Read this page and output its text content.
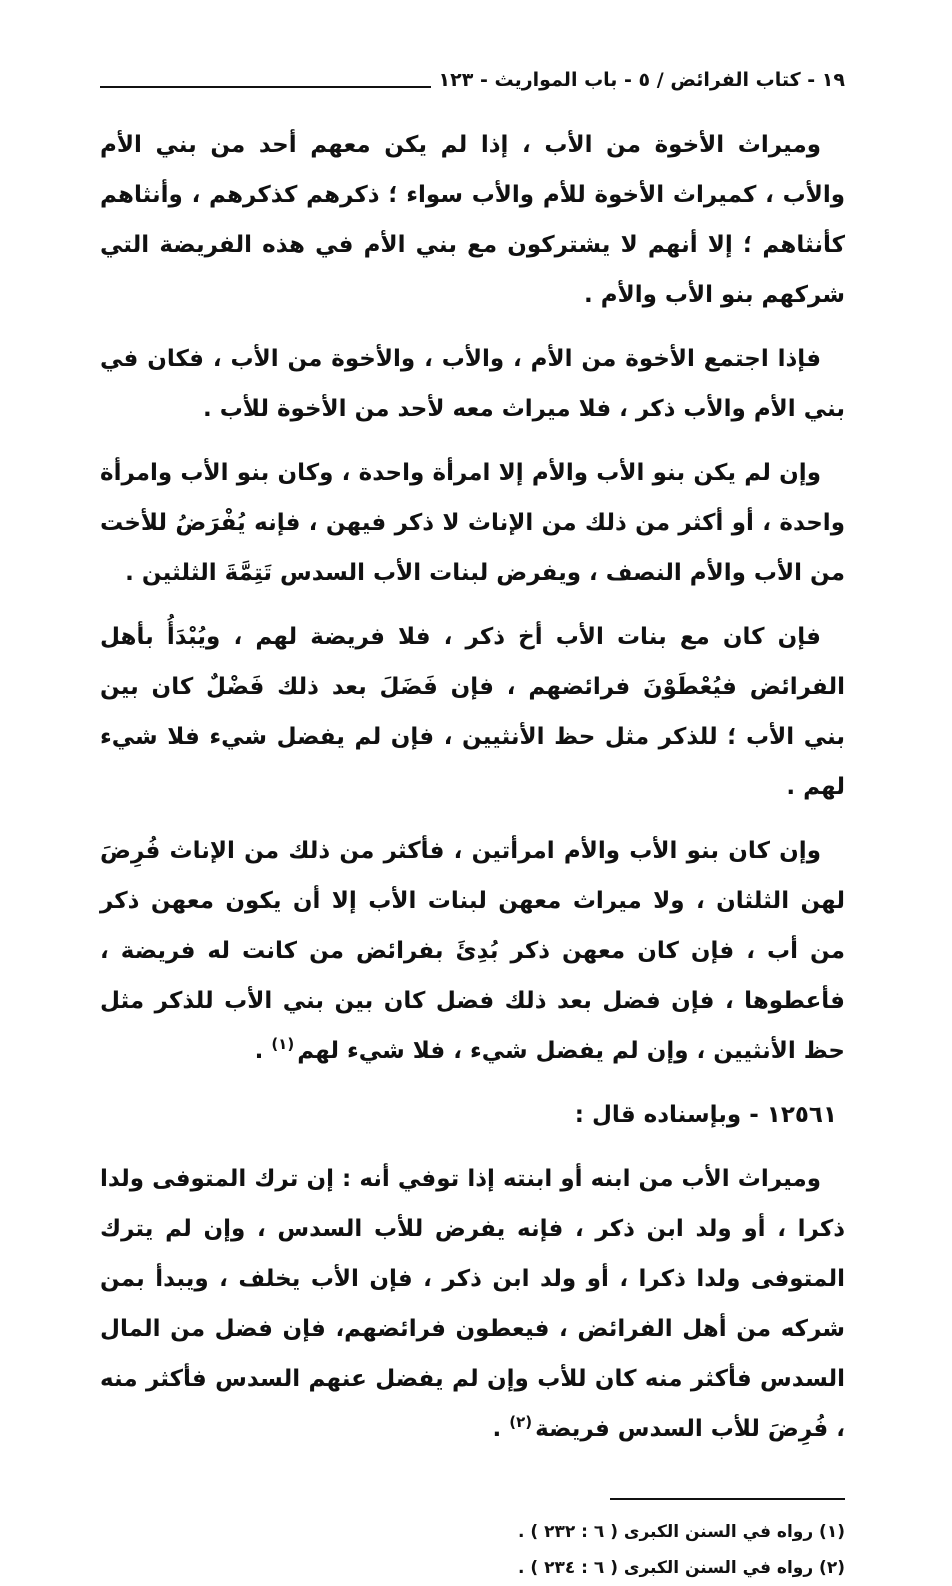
١٩ - كتاب الفرائض / ٥ - باب المواريث - ١٢٣

وميراث الأخوة من الأب ، إذا لم يكن معهم أحد من بني الأم والأب ، كميراث الأخوة للأم والأب سواء ؛ ذكرهم كذكرهم ، وأنثاهم كأنثاهم ؛ إلا أنهم لا يشتركون مع بني الأم في هذه الفريضة التي شركهم بنو الأب والأم .

فإذا اجتمع الأخوة من الأم ، والأب ، والأخوة من الأب ، فكان في بني الأم والأب ذكر ، فلا ميراث معه لأحد من الأخوة للأب .

وإن لم يكن بنو الأب والأم إلا امرأة واحدة ، وكان بنو الأب وامرأة واحدة ، أو أكثر من ذلك من الإناث لا ذكر فيهن ، فإنه يُفْرَضُ للأخت من الأب والأم النصف ، ويفرض لبنات الأب السدس تَتِمَّةَ الثلثين .

فإن كان مع بنات الأب أخ ذكر ، فلا فريضة لهم ، ويُبْدَأُ بأهل الفرائض فيُعْطَوْنَ فرائضهم ، فإن فَضَلَ بعد ذلك فَضْلٌ كان بين بني الأب ؛ للذكر مثل حظ الأنثيين ، فإن لم يفضل شيء فلا شيء لهم .

وإن كان بنو الأب والأم امرأتين ، فأكثر من ذلك من الإناث فُرِضَ لهن الثلثان ، ولا ميراث معهن لبنات الأب إلا أن يكون معهن ذكر من أب ، فإن كان معهن ذكر بُدِئَ بفرائض من كانت له فريضة ، فأعطوها ، فإن فضل بعد ذلك فضل كان بين بني الأب للذكر مثل حظ الأنثيين ، وإن لم يفضل شيء ، فلا شيء لهم$^{(١)}$ .

١٢٥٦١ - وبإسناده قال :

وميراث الأب من ابنه أو ابنته إذا توفي أنه : إن ترك المتوفى ولدا ذكرا ، أو ولد ابن ذكر ، فإنه يفرض للأب السدس ، وإن لم يترك المتوفى ولدا ذكرا ، أو ولد ابن ذكر ، فإن الأب يخلف ، ويبدأ بمن شركه من أهل الفرائض ، فيعطون فرائضهم، فإن فضل من المال السدس فأكثر منه كان للأب وإن لم يفضل عنهم السدس فأكثر منه ، فُرِضَ للأب السدس فريضة$^{(٢)}$ .

(١) رواه في السنن الكبرى ( ٦ : ٢٣٢ ) .
(٢) رواه في السنن الكبرى ( ٦ : ٢٣٤ ) .
